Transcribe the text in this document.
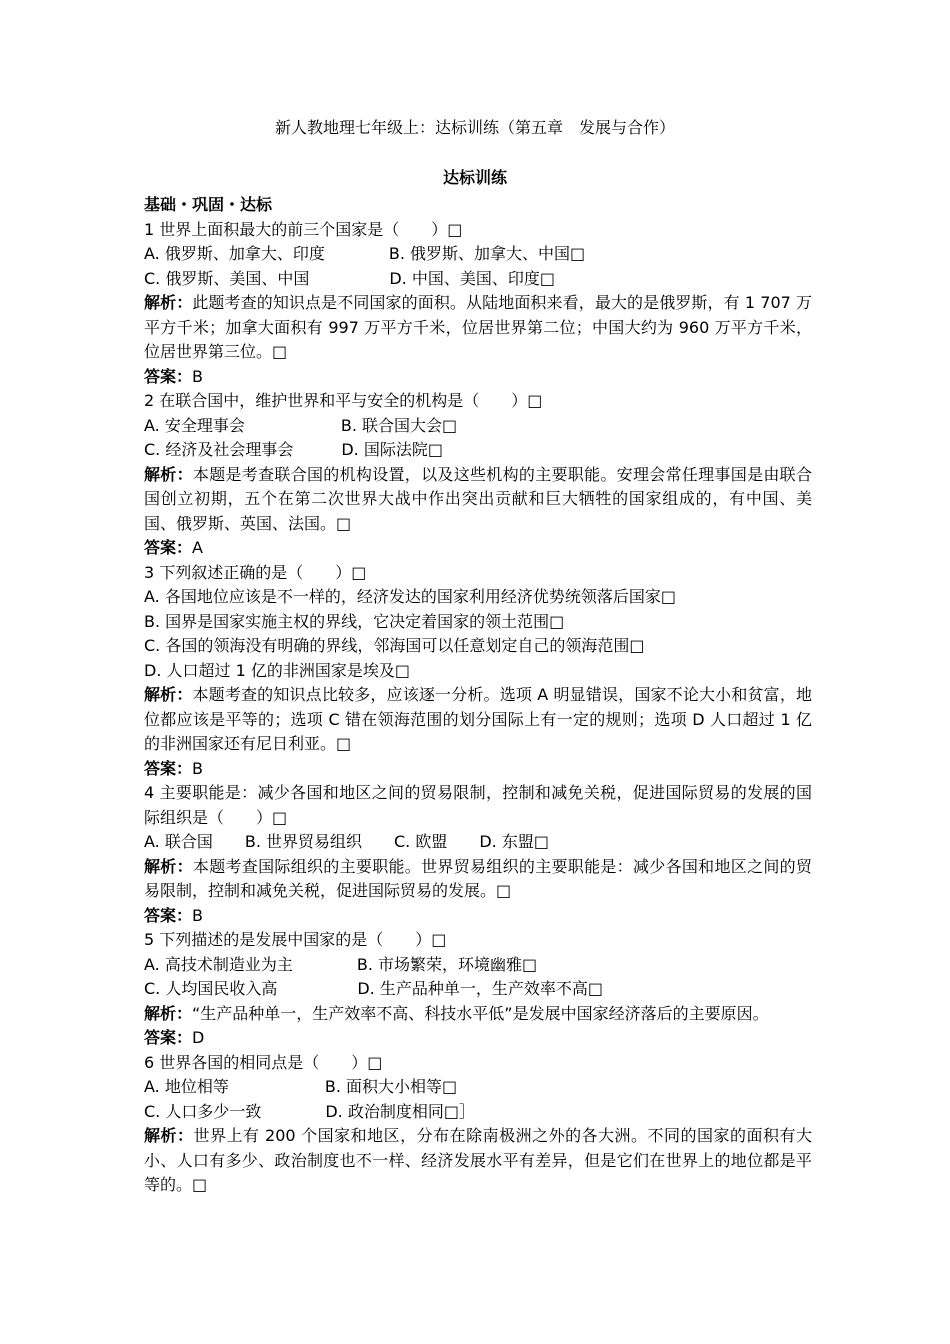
新人教地理七年级上：达标训练（第五章　发展与合作）
达标训练
基础・巩固・达标
1 世界上面积最大的前三个国家是（　　）□
A. 俄罗斯、加拿大、印度　　　　B. 俄罗斯、加拿大、中国□
C. 俄罗斯、美国、中国　　　　　D. 中国、美国、印度□
解析：此题考查的知识点是不同国家的面积。从陆地面积来看，最大的是俄罗斯，有 1 707 万平方千米；加拿大面积有 997 万平方千米，位居世界第二位；中国大约为 960 万平方千米，位居世界第三位。□
答案：B
2 在联合国中，维护世界和平与安全的机构是（　　）□
A. 安全理事会　　　　　　B. 联合国大会□
C. 经济及社会理事会　　　D. 国际法院□
解析：本题是考查联合国的机构设置，以及这些机构的主要职能。安理会常任理事国是由联合国创立初期，五个在第二次世界大战中作出突出贡献和巨大牺牲的国家组成的，有中国、美国、俄罗斯、英国、法国。□
答案：A
3 下列叙述正确的是（　　）□
A. 各国地位应该是不一样的，经济发达的国家利用经济优势统领落后国家□
B. 国界是国家实施主权的界线，它决定着国家的领土范围□
C. 各国的领海没有明确的界线，邻海国可以任意划定自己的领海范围□
D. 人口超过 1 亿的非洲国家是埃及□
解析：本题考查的知识点比较多，应该逐一分析。选项 A 明显错误，国家不论大小和贫富，地位都应该是平等的；选项 C 错在领海范围的划分国际上有一定的规则；选项 D 人口超过 1 亿的非洲国家还有尼日利亚。□
答案：B
4 主要职能是：减少各国和地区之间的贸易限制，控制和减免关税，促进国际贸易的发展的国际组织是（　　）□
A. 联合国　　B. 世界贸易组织　　C. 欧盟　　D. 东盟□
解析：本题考查国际组织的主要职能。世界贸易组织的主要职能是：减少各国和地区之间的贸易限制，控制和减免关税，促进国际贸易的发展。□
答案：B
5 下列描述的是发展中国家的是（　　）□
A. 高技术制造业为主　　　　B. 市场繁荣，环境幽雅□
C. 人均国民收入高　　　　　D. 生产品种单一，生产效率不高□
解析：“生产品种单一，生产效率不高、科技水平低”是发展中国家经济落后的主要原因。
答案：D
6 世界各国的相同点是（　　）□
A. 地位相等　　　　　　B. 面积大小相等□
C. 人口多少一致　　　　D. 政治制度相同□］
解析：世界上有 200 个国家和地区，分布在除南极洲之外的各大洲。不同的国家的面积有大小、人口有多少、政治制度也不一样、经济发展水平有差异，但是它们在世界上的地位都是平等的。□
